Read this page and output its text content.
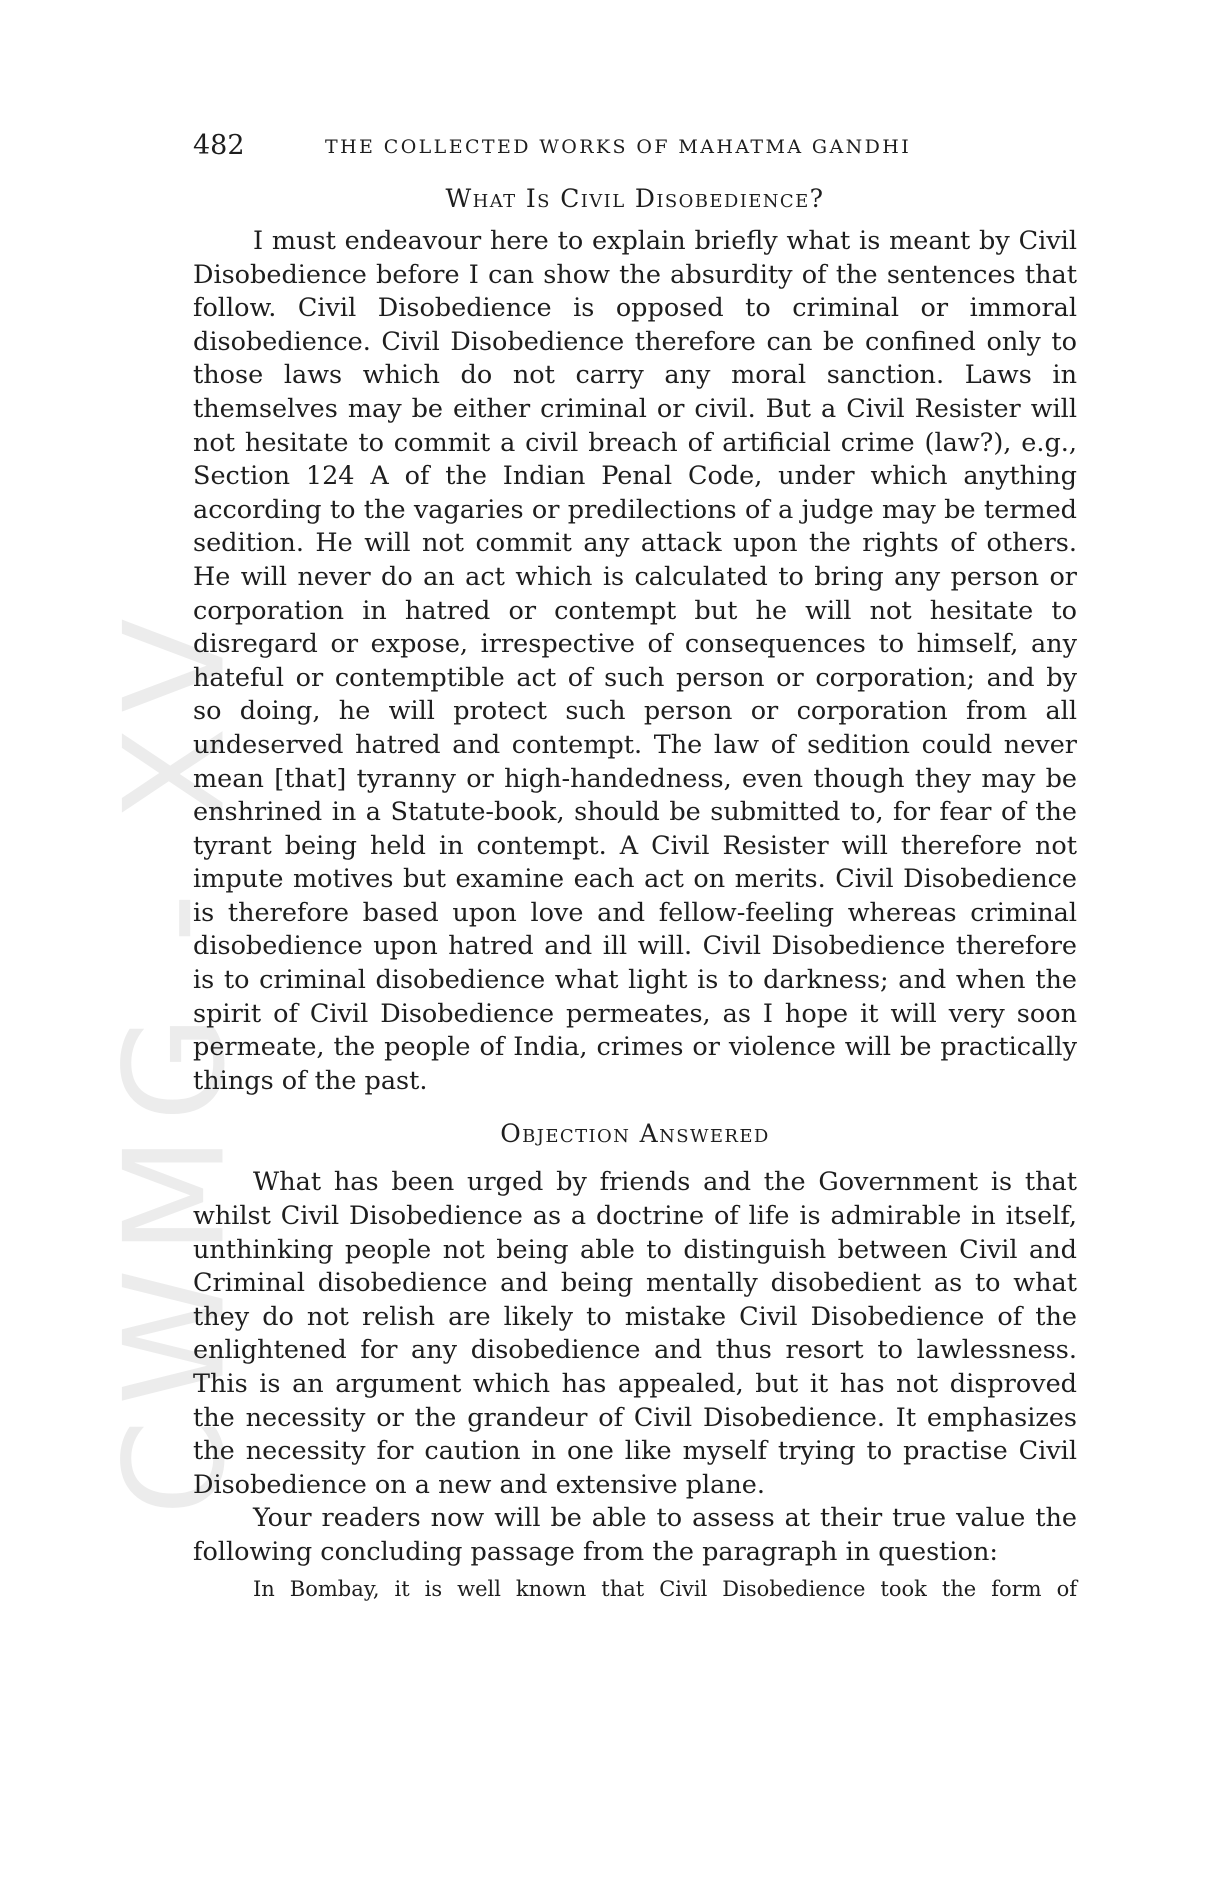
CWMG - XV
482	THE COLLECTED WORKS OF MAHATMA GANDHI
What Is Civil Disobedience?

I must endeavour here to explain briefly what is meant by Civil Disobedience before I can show the absurdity of the sentences that follow. Civil Disobedience is opposed to criminal or immoral disobedience. Civil Disobedience therefore can be confined only to those laws which do not carry any moral sanction. Laws in themselves may be either criminal or civil. But a Civil Resister will not hesitate to commit a civil breach of artificial crime (law?), e.g., Section 124 A of the Indian Penal Code, under which anything according to the vagaries or predilections of a judge may be termed sedition. He will not commit any attack upon the rights of others. He will never do an act which is calculated to bring any person or corporation in hatred or contempt but he will not hesitate to disregard or expose, irrespective of consequences to himself, any hateful or contemptible act of such person or corporation; and by so doing, he will protect such person or corporation from all undeserved hatred and contempt. The law of sedition could never mean [that] tyranny or high-handedness, even though they may be enshrined in a Statute-book, should be submitted to, for fear of the tyrant being held in contempt. A Civil Resister will therefore not impute motives but examine each act on merits. Civil Disobedience is therefore based upon love and fellow-feeling whereas criminal disobedience upon hatred and ill will. Civil Disobedience therefore is to criminal disobedience what light is to darkness; and when the spirit of Civil Disobedience permeates, as I hope it will very soon permeate, the people of India, crimes or violence will be practically things of the past.

Objection Answered

What has been urged by friends and the Government is that whilst Civil Disobedience as a doctrine of life is admirable in itself, unthinking people not being able to distinguish between Civil and Criminal disobedience and being mentally disobedient as to what they do not relish are likely to mistake Civil Disobedience of the enlightened for any disobedience and thus resort to lawlessness. This is an argument which has appealed, but it has not disproved the necessity or the grandeur of Civil Disobedience. It emphasizes the necessity for caution in one like myself trying to practise Civil Disobedience on a new and extensive plane.

Your readers now will be able to assess at their true value the following concluding passage from the paragraph in question:

In Bombay, it is well known that Civil Disobedience took the form of
